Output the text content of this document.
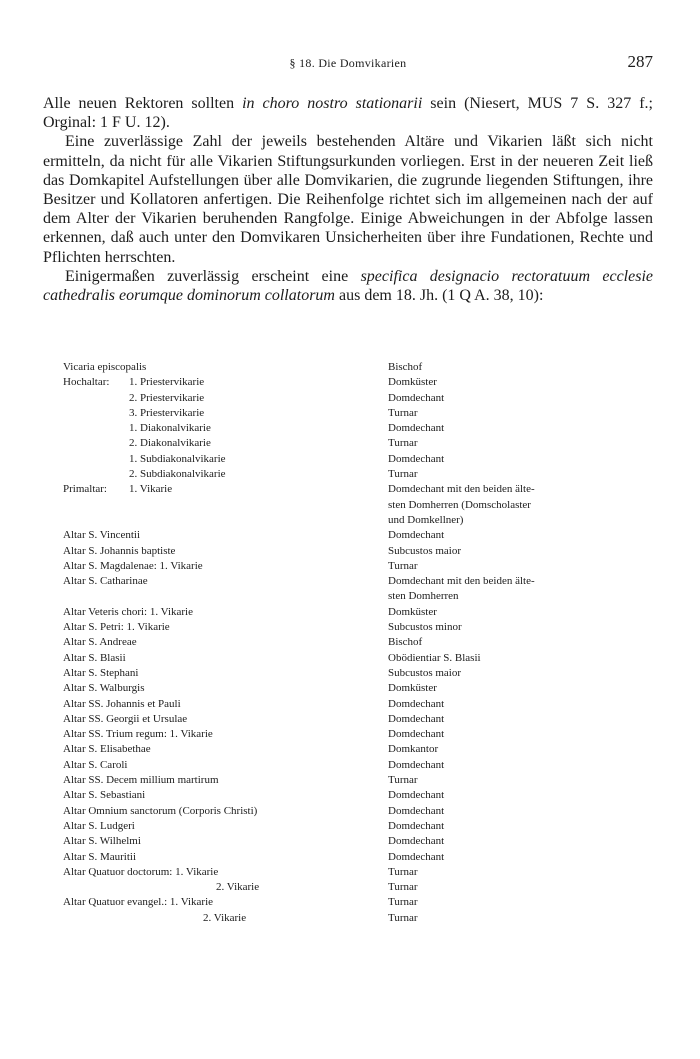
§ 18. Die Domvikarien	287

Alle neuen Rektoren sollten in choro nostro stationarii sein (Niesert, MUS 7 S. 327 f.; Orginal: 1 F U. 12).

Eine zuverlässige Zahl der jeweils bestehenden Altäre und Vikarien läßt sich nicht ermitteln, da nicht für alle Vikarien Stiftungsurkunden vorliegen. Erst in der neueren Zeit ließ das Domkapitel Aufstellungen über alle Domvikarien, die zugrunde liegenden Stiftungen, ihre Besitzer und Kollatoren anfertigen. Die Reihenfolge richtet sich im allgemeinen nach der auf dem Alter der Vikarien beruhenden Rangfolge. Einige Abweichungen in der Abfolge lassen erkennen, daß auch unter den Domvikaren Unsicherheiten über ihre Fundationen, Rechte und Pflichten herrschten.

Einigermaßen zuverlässig erscheint eine specifica designacio rectoratuum ecclesie cathedralis eorumque dominorum collatorum aus dem 18. Jh. (1 Q A. 38, 10):

Vicaria episcopalis	Bischof
Hochaltar:	1. Priestervikarie	Domküster
2. Priestervikarie	Domdechant
3. Priestervikarie	Turnar
1. Diakonalvikarie	Domdechant
2. Diakonalvikarie	Turnar
1. Subdiakonalvikarie	Domdechant
2. Subdiakonalvikarie	Turnar
Primaltar:	1. Vikarie	Domdechant mit den beiden älte-
sten Domherren (Domscholaster
und Domkellner)
Altar S. Vincentii	Domdechant
Altar S. Johannis baptiste	Subcustos maior
Altar S. Magdalenae: 1. Vikarie	Turnar
Altar S. Catharinae	Domdechant mit den beiden älte-
sten Domherren
Altar Veteris chori: 1. Vikarie	Domküster
Altar S. Petri: 1. Vikarie	Subcustos minor
Altar S. Andreae	Bischof
Altar S. Blasii	Obödientiar S. Blasii
Altar S. Stephani	Subcustos maior
Altar S. Walburgis	Domküster
Altar SS. Johannis et Pauli	Domdechant
Altar SS. Georgii et Ursulae	Domdechant
Altar SS. Trium regum: 1. Vikarie	Domdechant
Altar S. Elisabethae	Domkantor
Altar S. Caroli	Domdechant
Altar SS. Decem millium martirum	Turnar
Altar S. Sebastiani	Domdechant
Altar Omnium sanctorum (Corporis Christi)	Domdechant
Altar S. Ludgeri	Domdechant
Altar S. Wilhelmi	Domdechant
Altar S. Mauritii	Domdechant
Altar Quatuor doctorum: 1. Vikarie	Turnar
2. Vikarie	Turnar
Altar Quatuor evangel.: 1. Vikarie	Turnar
2. Vikarie	Turnar
